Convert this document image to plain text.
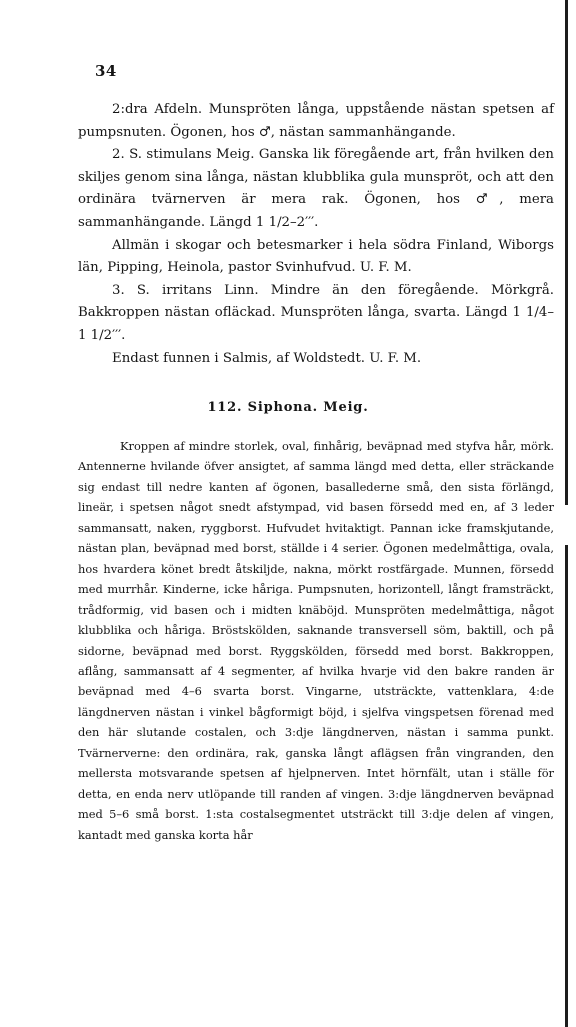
34

2:dra Afdeln. Munspröten långa, uppstående nästan spetsen af pumpsnuten. Ögonen, hos ♂, nästan sammanhängande.

2. S. stimulans Meig. Ganska lik föregående art, från hvilken den skiljes genom sina långa, nästan klubblika gula munspröt, och att den ordinära tvärnerven är mera rak. Ögonen, hos ♂, mera sammanhängande. Längd 1 1/2–2′′′.

Allmän i skogar och betesmarker i hela södra Finland, Wiborgs län, Pipping, Heinola, pastor Svinhufvud. U. F. M.

3. S. irritans Linn. Mindre än den föregående. Mörkgrå. Bakkroppen nästan ofläckad. Munspröten långa, svarta. Längd 1 1/4–1 1/2′′′.

Endast funnen i Salmis, af Woldstedt. U. F. M.

112. Siphona. Meig.

Kroppen af mindre storlek, oval, finhårig, beväpnad med styfva hår, mörk. Antennerne hvilande öfver ansigtet, af samma längd med detta, eller sträckande sig endast till nedre kanten af ögonen, basallederne små, den sista förlängd, lineär, i spetsen något snedt afstympad, vid basen försedd med en, af 3 leder sammansatt, naken, ryggborst. Hufvudet hvitaktigt. Pannan icke framskjutande, nästan plan, beväpnad med borst, ställde i 4 serier. Ögonen medelmåttiga, ovala, hos hvardera könet bredt åtskiljde, nakna, mörkt rostfärgade. Munnen, försedd med murrhår. Kinderne, icke håriga. Pumpsnuten, horizontell, långt framsträckt, trådformig, vid basen och i midten knäböjd. Munspröten medelmåttiga, något klubblika och håriga. Bröstskölden, saknande transversell söm, baktill, och på sidorne, beväpnad med borst. Ryggskölden, försedd med borst. Bakkroppen, aflång, sammansatt af 4 segmenter, af hvilka hvarje vid den bakre randen är beväpnad med 4–6 svarta borst. Vingarne, utsträckte, vattenklara, 4:de längdnerven nästan i vinkel bågformigt böjd, i sjelfva vingspetsen förenad med den här slutande costalen, och 3:dje längdnerven, nästan i samma punkt. Tvärnerverne: den ordinära, rak, ganska långt aflägsen från vingranden, den mellersta motsvarande spetsen af hjelpnerven. Intet hörnfält, utan i ställe för detta, en enda nerv utlöpande till randen af vingen. 3:dje längdnerven beväpnad med 5–6 små borst. 1:sta costalsegmentet utsträckt till 3:dje delen af vingen, kantadt med ganska korta hår
